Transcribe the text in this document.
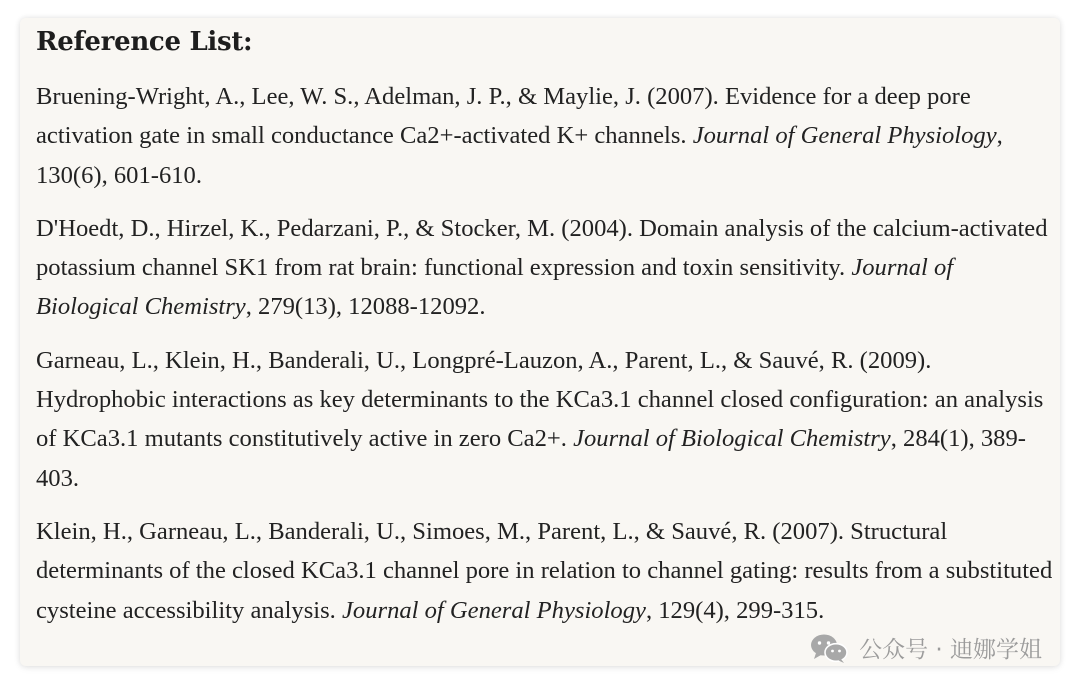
Reference List:

Bruening-Wright, A., Lee, W. S., Adelman, J. P., & Maylie, J. (2007). Evidence for a deep pore activation gate in small conductance Ca2+-activated K+ channels. Journal of General Physiology, 130(6), 601-610.

D'Hoedt, D., Hirzel, K., Pedarzani, P., & Stocker, M. (2004). Domain analysis of the calcium-activated potassium channel SK1 from rat brain: functional expression and toxin sensitivity. Journal of Biological Chemistry, 279(13), 12088-12092.

Garneau, L., Klein, H., Banderali, U., Longpré-Lauzon, A., Parent, L., & Sauvé, R. (2009). Hydrophobic interactions as key determinants to the KCa3.1 channel closed configuration: an analysis of KCa3.1 mutants constitutively active in zero Ca2+. Journal of Biological Chemistry, 284(1), 389-403.

Klein, H., Garneau, L., Banderali, U., Simoes, M., Parent, L., & Sauvé, R. (2007). Structural determinants of the closed KCa3.1 channel pore in relation to channel gating: results from a substituted cysteine accessibility analysis. Journal of General Physiology, 129(4), 299-315.

公众号 · 迪娜学姐
